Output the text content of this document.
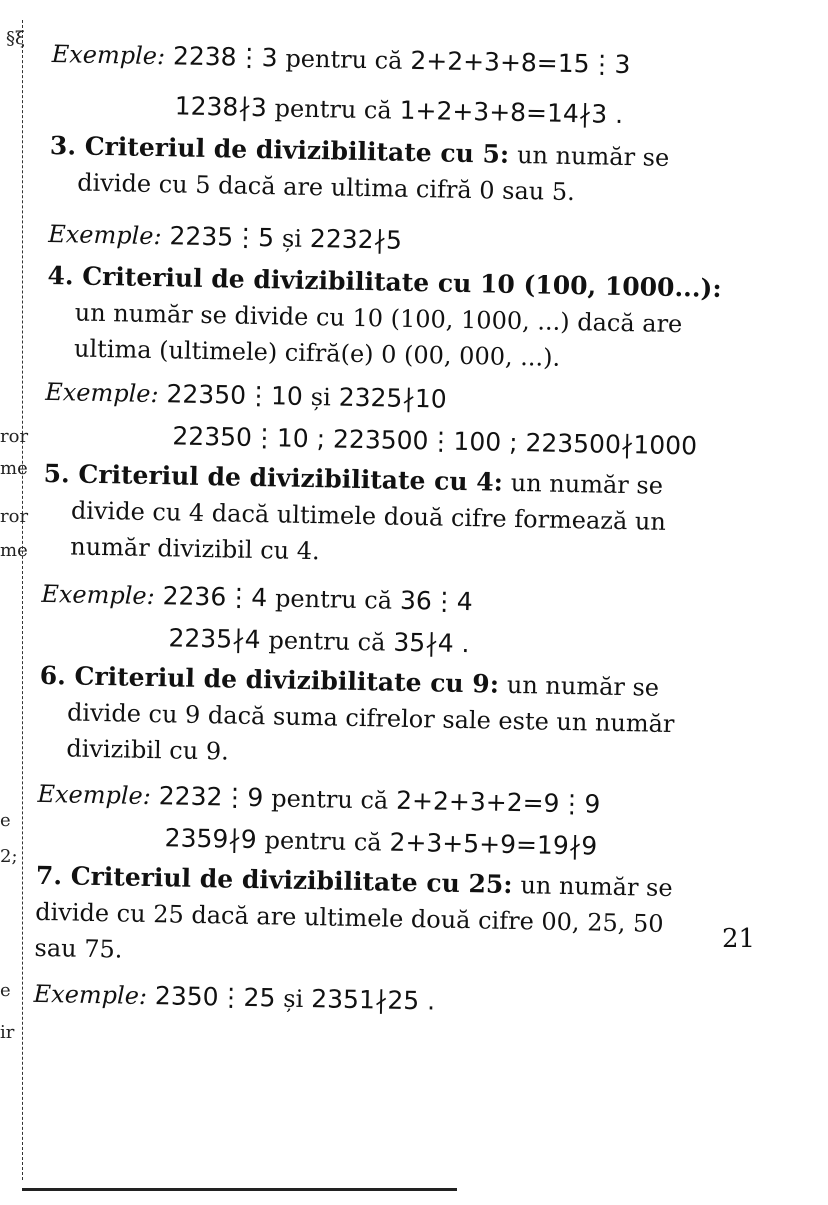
§ξ
ror
me
ror
me
e
2;
e
ir
Exemple: 2238⋮3 pentru că 2+2+3+8=15⋮3
1238∤3 pentru că 1+2+3+8=14∤3 .
3. Criteriul de divizibilitate cu 5: un număr se
divide cu 5 dacă are ultima cifră 0 sau 5.
Exemple: 2235⋮5 și 2232∤5
4. Criteriul de divizibilitate cu 10 (100, 1000...):
un număr se divide cu 10 (100, 1000, ...) dacă are
ultima (ultimele) cifră(e) 0 (00, 000, ...).
Exemple: 22350⋮10 și 2325∤10
22350⋮10 ; 223500⋮100 ; 223500∤1000
5. Criteriul de divizibilitate cu 4: un număr se
divide cu 4 dacă ultimele două cifre formează un
număr divizibil cu 4.
Exemple: 2236⋮4 pentru că 36⋮4
2235∤4 pentru că 35∤4 .
6. Criteriul de divizibilitate cu 9: un număr se
divide cu 9 dacă suma cifrelor sale este un număr
divizibil cu 9.
Exemple: 2232⋮9 pentru că 2+2+3+2=9⋮9
2359∤9 pentru că 2+3+5+9=19∤9
7. Criteriul de divizibilitate cu 25: un număr se
divide cu 25 dacă are ultimele două cifre 00, 25, 50
sau 75.
Exemple: 2350⋮25 și 2351∤25 .
21
